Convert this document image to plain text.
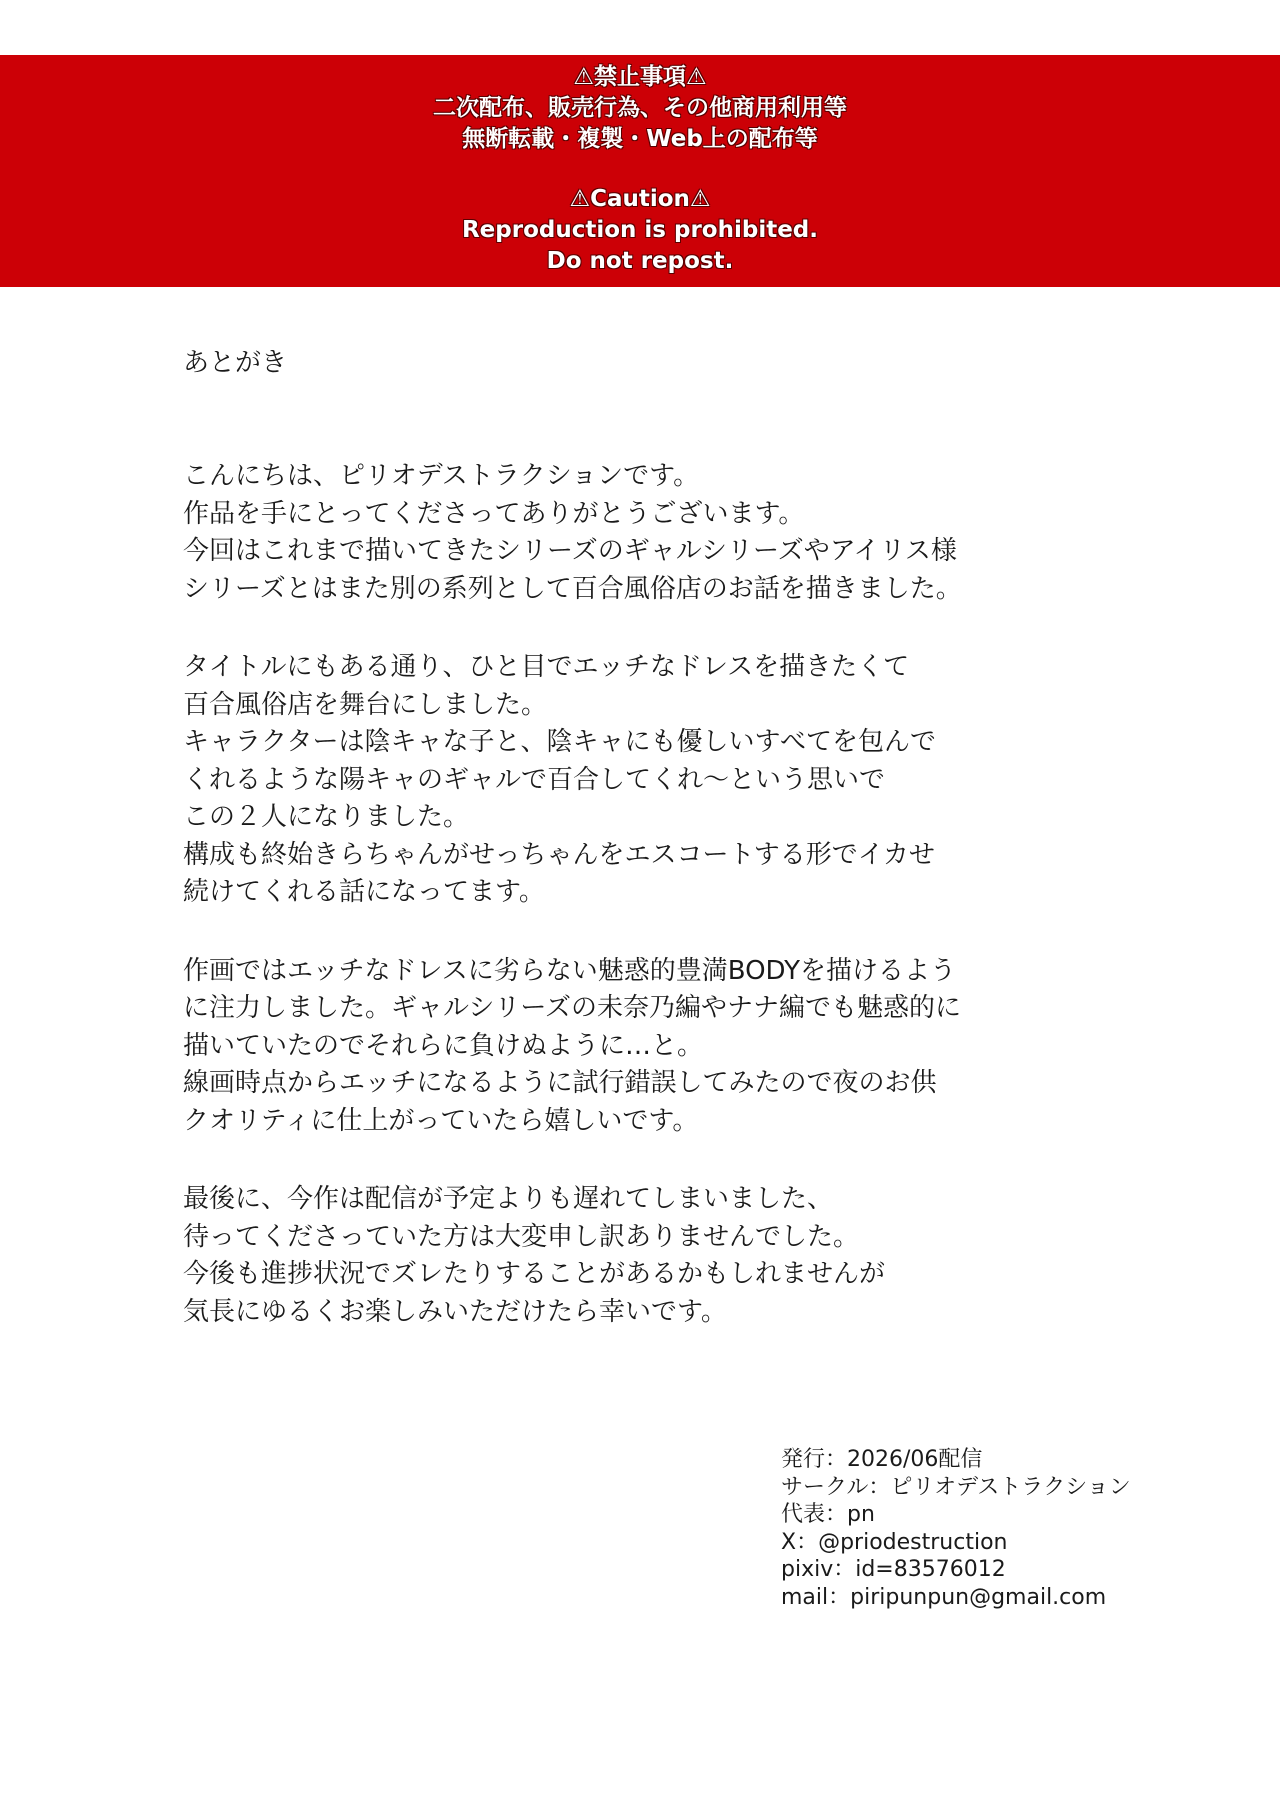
⚠禁止事項⚠
二次配布、販売行為、その他商用利用等
無断転載・複製・Web上の配布等
⚠Caution⚠
Reproduction is prohibited.
Do not repost.
あとがき
こんにちは、ピリオデストラクションです。
作品を手にとってくださってありがとうございます。
今回はこれまで描いてきたシリーズのギャルシリーズやアイリス様
シリーズとはまた別の系列として百合風俗店のお話を描きました。
タイトルにもある通り、ひと目でエッチなドレスを描きたくて
百合風俗店を舞台にしました。
キャラクターは陰キャな子と、陰キャにも優しいすべてを包んで
くれるような陽キャのギャルで百合してくれ〜という思いで
この２人になりました。
構成も終始きらちゃんがせっちゃんをエスコートする形でイカせ
続けてくれる話になってます。
作画ではエッチなドレスに劣らない魅惑的豊満BODYを描けるよう
に注力しました。ギャルシリーズの未奈乃編やナナ編でも魅惑的に
描いていたのでそれらに負けぬように…と。
線画時点からエッチになるように試行錯誤してみたので夜のお供
クオリティに仕上がっていたら嬉しいです。
最後に、今作は配信が予定よりも遅れてしまいました、
待ってくださっていた方は大変申し訳ありませんでした。
今後も進捗状況でズレたりすることがあるかもしれませんが
気長にゆるくお楽しみいただけたら幸いです。
発行：2026/06配信
サークル：ピリオデストラクション
代表：pn
X：@priodestruction
pixiv：id=83576012
mail：piripunpun@gmail.com
